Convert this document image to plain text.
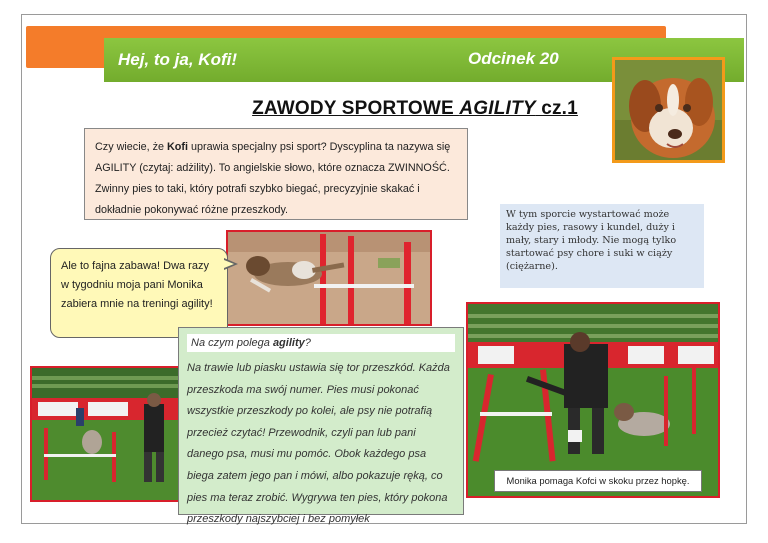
Hej, to ja, Kofi!	Odcinek 20
ZAWODY SPORTOWE AGILITY cz.1
Czy wiecie, że Kofi uprawia specjalny psi sport? Dyscyplina ta nazywa się AGILITY (czytaj: adżility). To angielskie słowo, które oznacza ZWINNOŚĆ. Zwinny pies to taki, który potrafi szybko biegać, precyzyjnie skakać i dokładnie pokonywać różne przeszkody.	W tym sporcie wystartować może każdy pies, rasowy i kundel, duży i mały, stary i młody. Nie mogą tylko startować psy chore i suki w ciąży (ciężarne).
Ale to fajna zabawa! Dwa razy w tygodniu moja pani Monika zabiera mnie na treningi agility!
Na czym polega agility?
Na trawie lub piasku ustawia się tor przeszkód. Każda przeszkoda ma swój numer. Pies musi pokonać wszystkie przeszkody po kolei, ale psy nie potrafią przecież czytać! Przewodnik, czyli pan lub pani danego psa, musi mu pomóc. Obok każdego psa biega zatem jego pan i mówi, albo pokazuje ręką, co pies ma teraz zrobić. Wygrywa ten pies, który pokona przeszkody najszybciej i bez pomyłek
Monika pomaga Kofci w skoku przez hopkę.
